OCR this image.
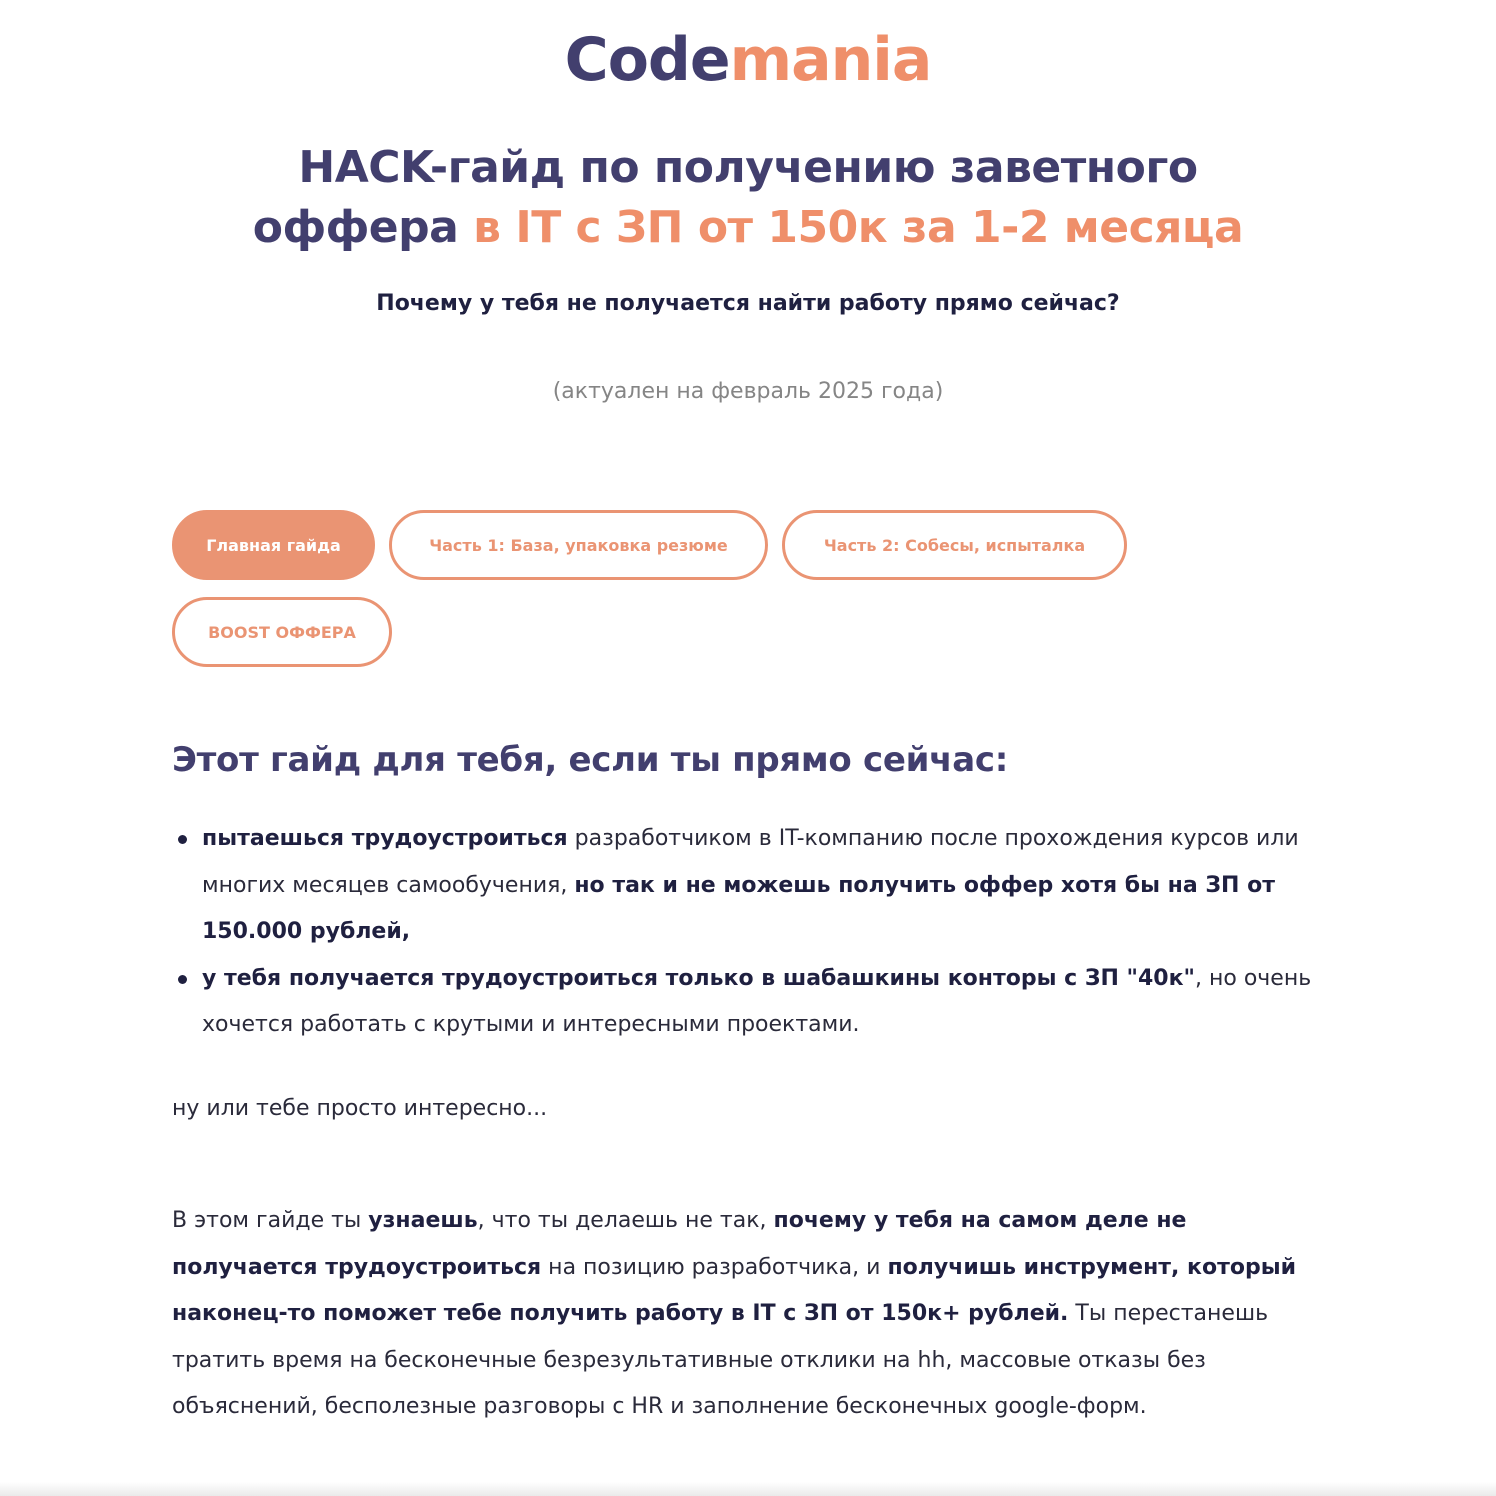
Codemania
HACK-гайд по получению заветного
оффера в IT с ЗП от 150к за 1-2 месяца
Почему у тебя не получается найти работу прямо сейчас?
(актуален на февраль 2025 года)
Главная гайда	Часть 1: База, упаковка резюме	Часть 2: Собесы, испыталка
BOOST ОФФЕРА
Этот гайд для тебя, если ты прямо сейчас:
пытаешься трудоустроиться разработчиком в IT-компанию после прохождения курсов или многих месяцев самообучения, но так и не можешь получить оффер хотя бы на ЗП от 150.000 рублей,
у тебя получается трудоустроиться только в шабашкины конторы с ЗП "40к", но очень хочется работать с крутыми и интересными проектами.

ну или тебе просто интересно...

В этом гайде ты узнаешь, что ты делаешь не так, почему у тебя на самом деле не получается трудоустроиться на позицию разработчика, и получишь инструмент, который наконец-то поможет тебе получить работу в IT с ЗП от 150к+ рублей. Ты перестанешь тратить время на бесконечные безрезультативные отклики на hh, массовые отказы без объяснений, бесполезные разговоры с HR и заполнение бесконечных google-форм.
